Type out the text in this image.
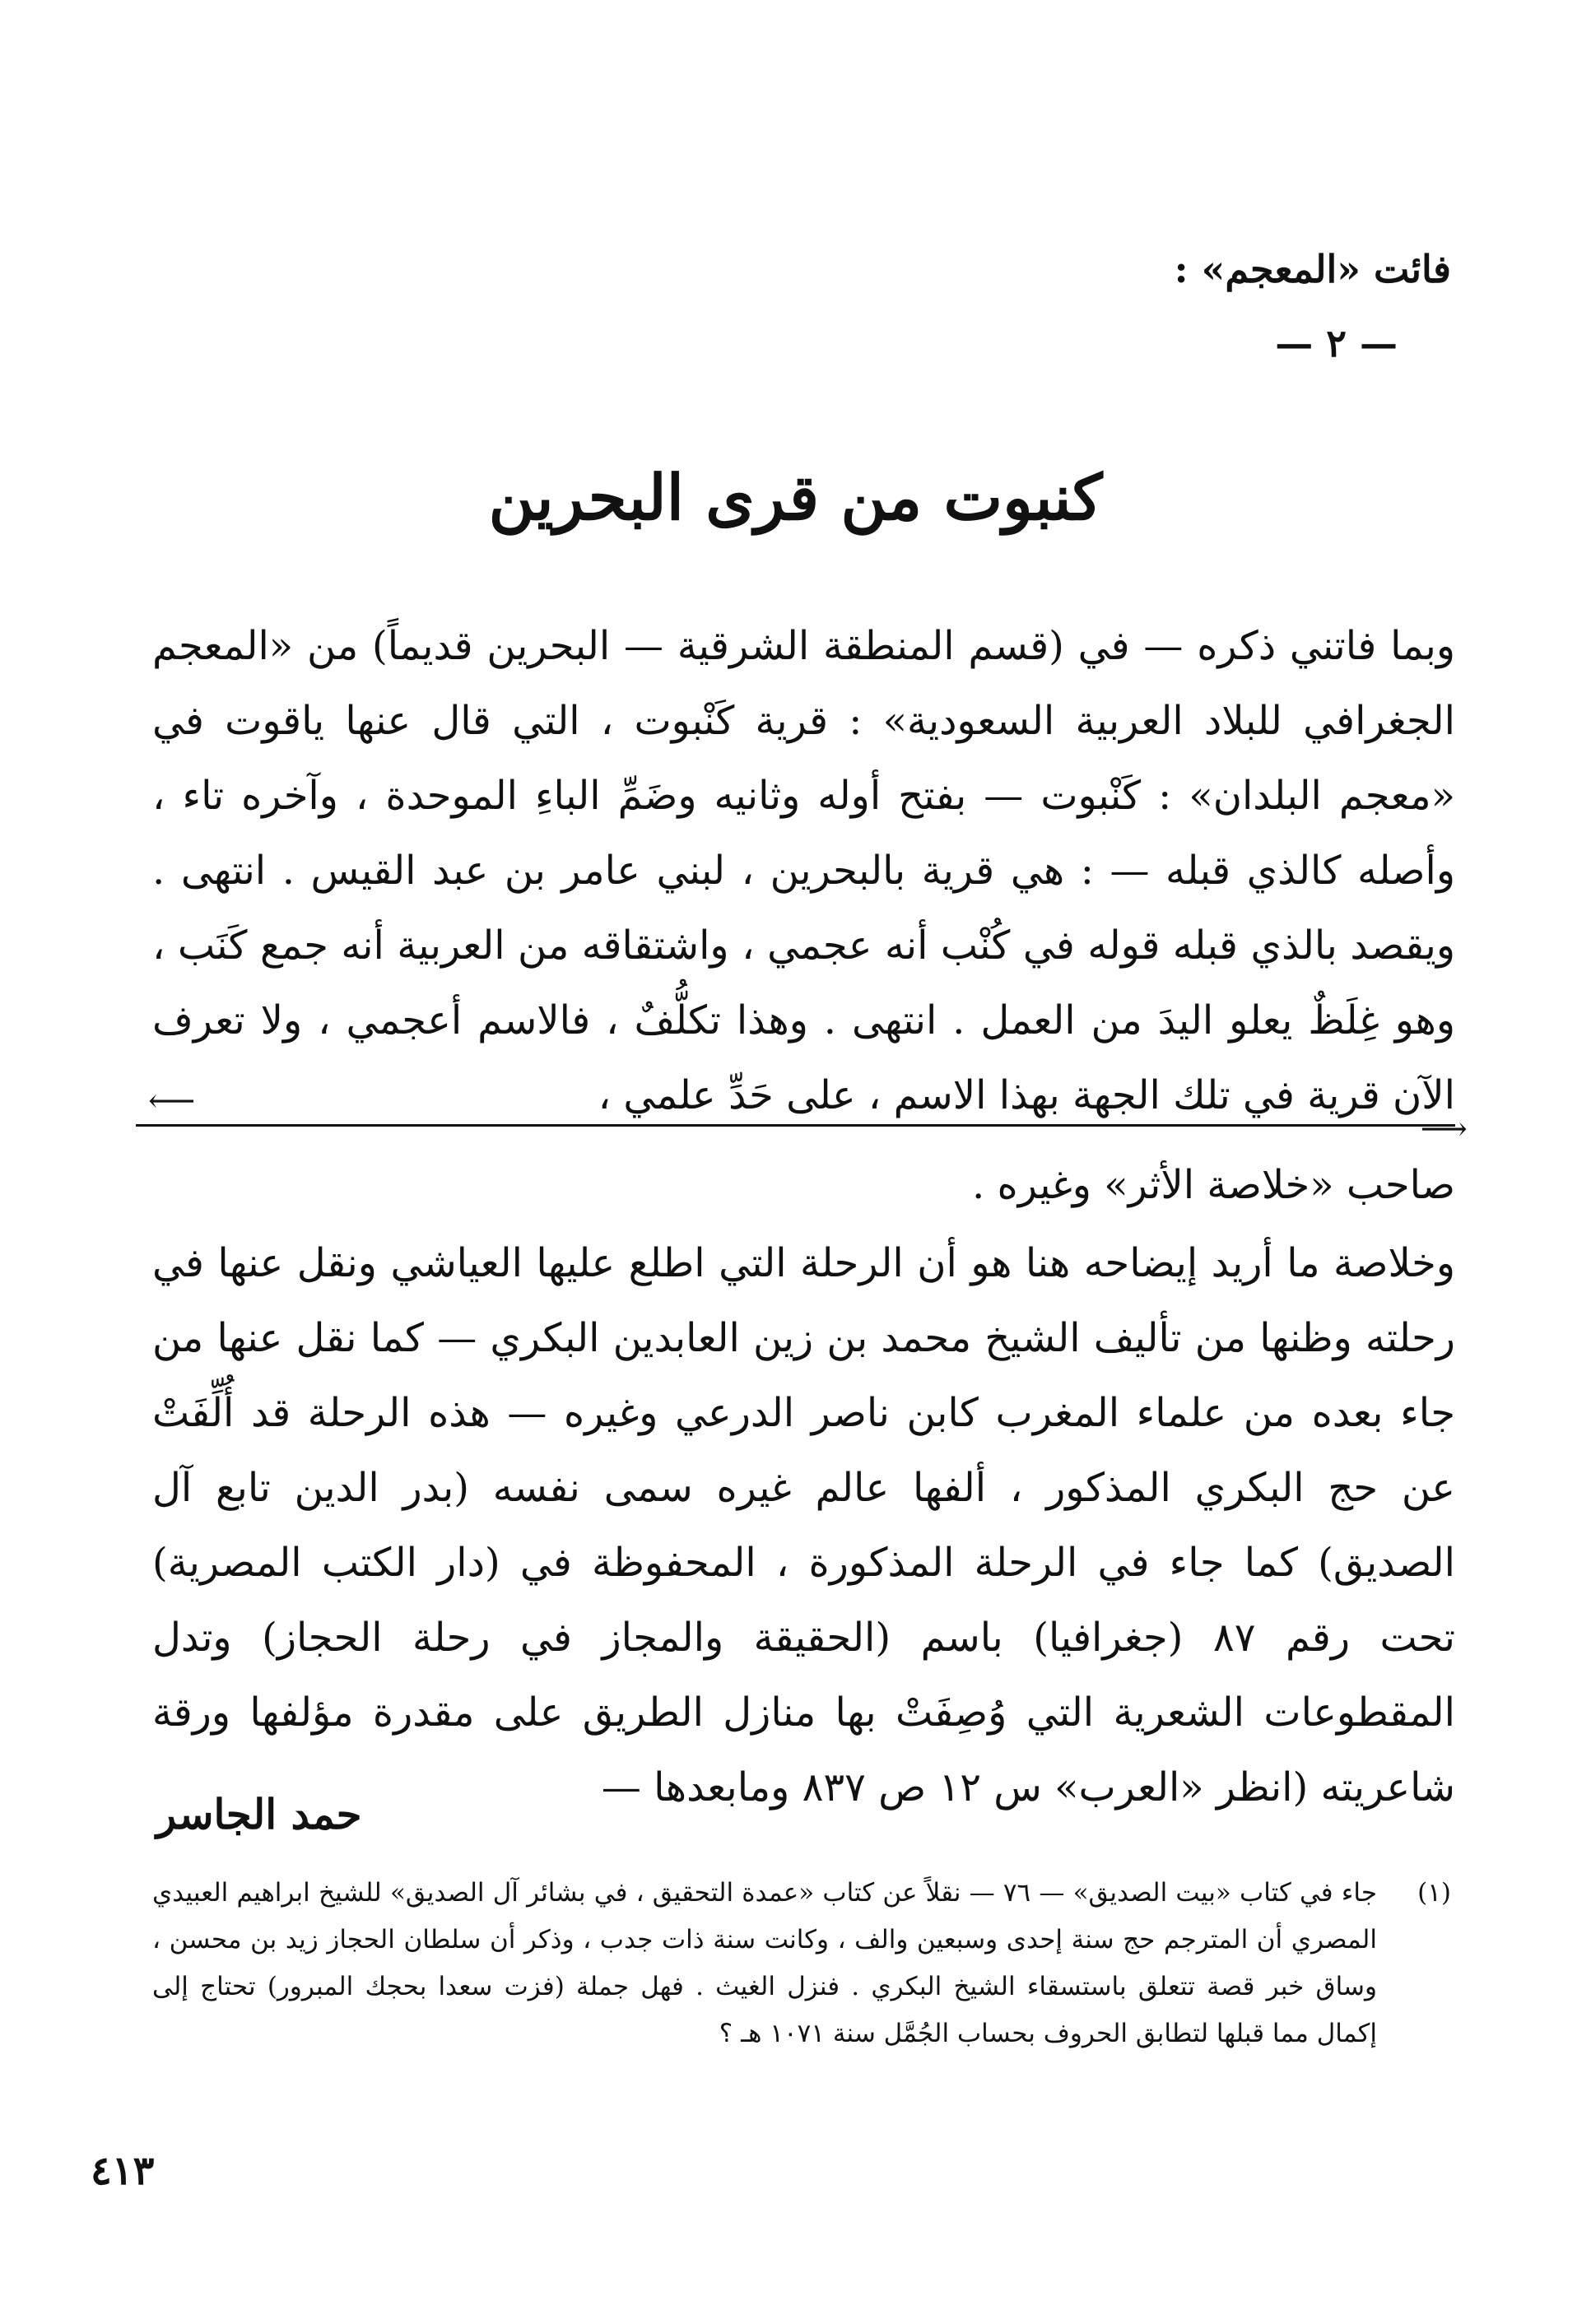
فائت «المعجم» :

— ٢ —

كنبوت من قرى البحرين

وبما فاتني ذكره — في (قسم المنطقة الشرقية — البحرين قديماً) من «المعجم الجغرافي للبلاد العربية السعودية» : قرية كَنْبوت ، التي قال عنها ياقوت في «معجم البلدان» : كَنْبوت — بفتح أوله وثانيه وضَمِّ الباءِ الموحدة ، وآخره تاء ، وأصله كالذي قبله — : هي قرية بالبحرين ، لبني عامر بن عبد القيس . انتهى . ويقصد بالذي قبله قوله في كُنْب أنه عجمي ، واشتقاقه من العربية أنه جمع كَنَب ، وهو غِلَظٌ يعلو اليدَ من العمل . انتهى . وهذا تكلُّفٌ ، فالاسم أعجمي ، ولا تعرف الآن قرية في تلك الجهة بهذا الاسم ، على حَدِّ علمي ،

⟵
⟶

صاحب «خلاصة الأثر» وغيره .

وخلاصة ما أريد إيضاحه هنا هو أن الرحلة التي اطلع عليها العياشي ونقل عنها في رحلته وظنها من تأليف الشيخ محمد بن زين العابدين البكري — كما نقل عنها من جاء بعده من علماء المغرب كابن ناصر الدرعي وغيره — هذه الرحلة قد أُلِّفَتْ عن حج البكري المذكور ، ألفها عالم غيره سمى نفسه (بدر الدين تابع آل الصديق) كما جاء في الرحلة المذكورة ، المحفوظة في (دار الكتب المصرية) تحت رقم ٨٧ (جغرافيا) باسم (الحقيقة والمجاز في رحلة الحجاز) وتدل المقطوعات الشعرية التي وُصِفَتْ بها منازل الطريق على مقدرة مؤلفها ورقة شاعريته (انظر «العرب» س ١٢ ص ٨٣٧ ومابعدها —

حمد الجاسر

(١)

جاء في كتاب «بيت الصديق» — ٧٦ — نقلاً عن كتاب «عمدة التحقيق ، في بشائر آل الصديق» للشيخ ابراهيم العبيدي المصري أن المترجم حج سنة إحدى وسبعين والف ، وكانت سنة ذات جدب ، وذكر أن سلطان الحجاز زيد بن محسن ، وساق خبر قصة تتعلق باستسقاء الشيخ البكري . فنزل الغيث . فهل جملة (فزت سعدا بحجك المبرور) تحتاج إلى إكمال مما قبلها لتطابق الحروف بحساب الجُمَّل سنة ١٠٧١ هـ ؟

٤١٣
